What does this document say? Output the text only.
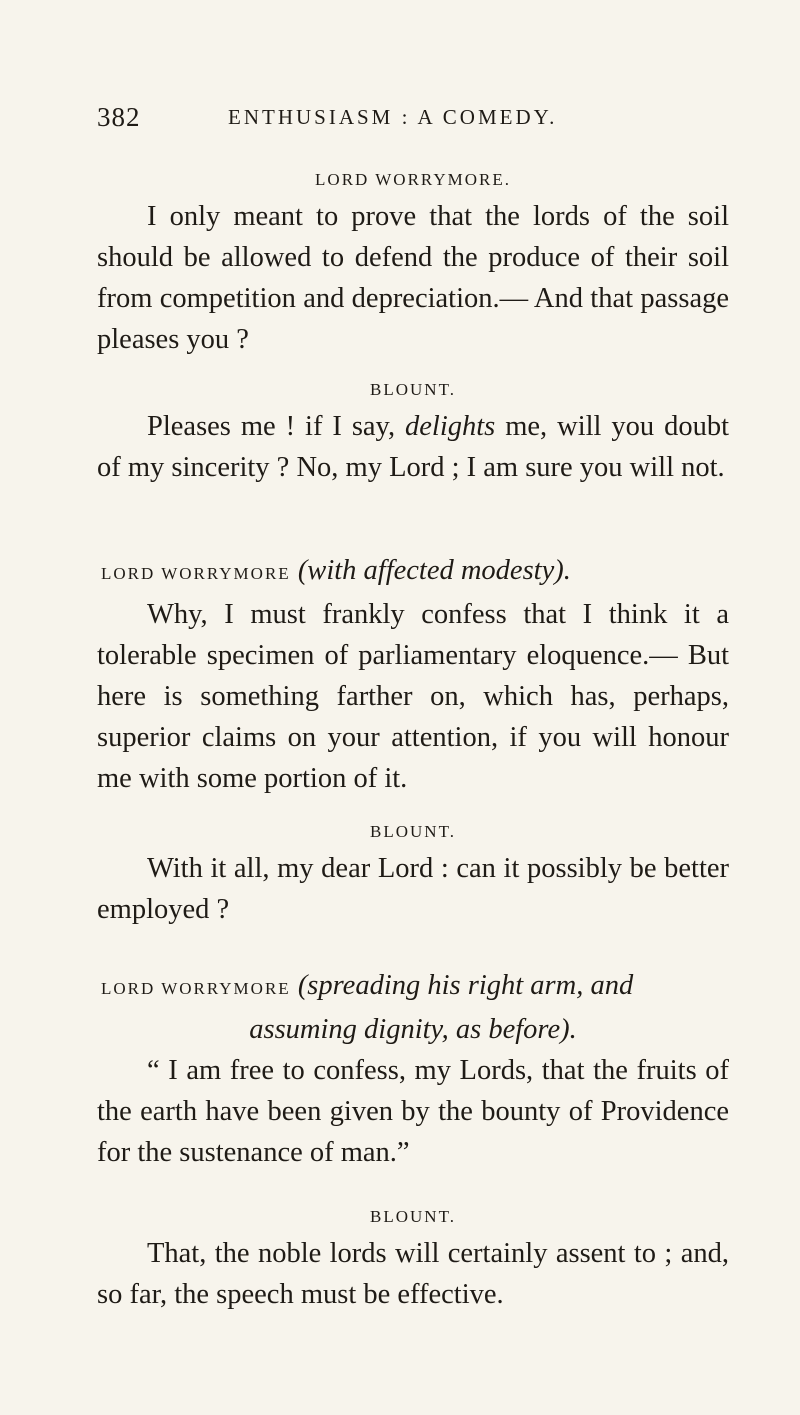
382	ENTHUSIASM : A COMEDY.
LORD WORRYMORE.

I only meant to prove that the lords of the soil should be allowed to defend the produce of their soil from competition and depreciation.— And that passage pleases you ?

BLOUNT.

Pleases me ! if I say, delights me, will you doubt of my sincerity ? No, my Lord ; I am sure you will not.

LORD WORRYMORE (with affected modesty).

Why, I must frankly confess that I think it a tolerable specimen of parliamentary eloquence.— But here is something farther on, which has, perhaps, superior claims on your attention, if you will honour me with some portion of it.

BLOUNT.

With it all, my dear Lord : can it possibly be better employed ?

LORD WORRYMORE (spreading his right arm, and
assuming dignity, as before).

“ I am free to confess, my Lords, that the fruits of the earth have been given by the bounty of Providence for the sustenance of man.”

BLOUNT.

That, the noble lords will certainly assent to ; and, so far, the speech must be effective.
